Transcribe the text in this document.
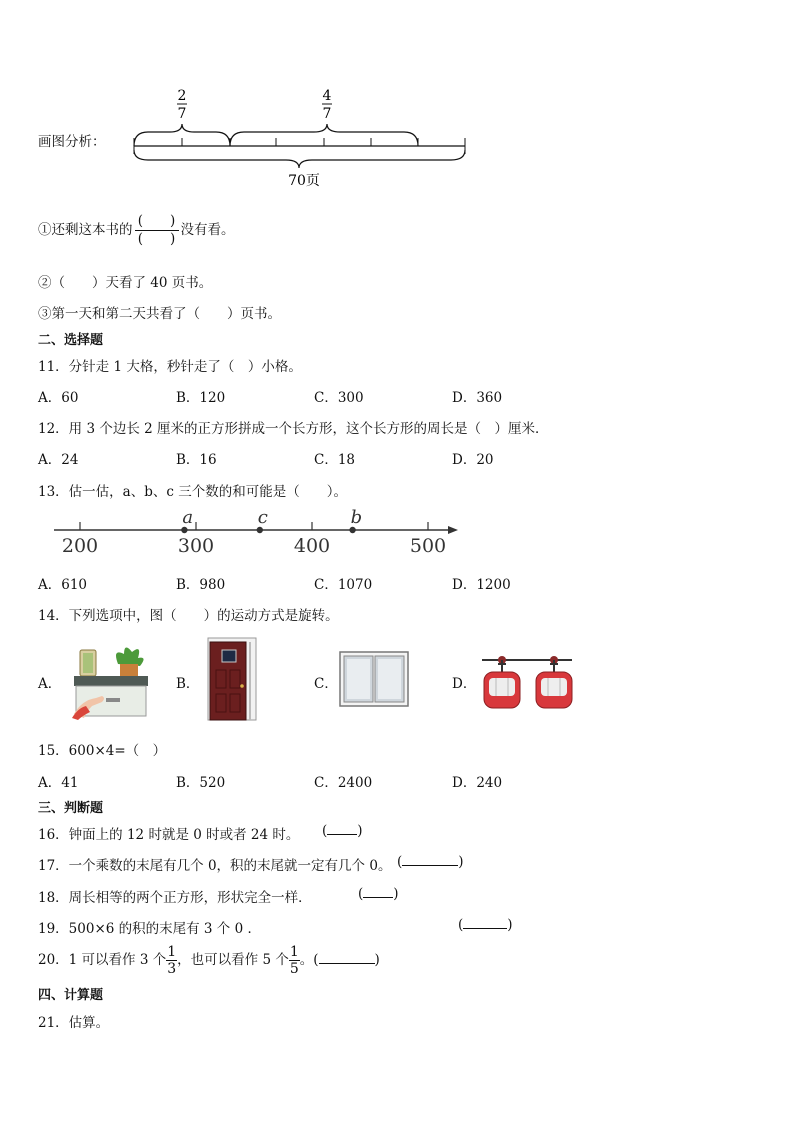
画图分析：
2
7
4
7
70页
①还剩这本书的
(   )
(   )
没有看。
②（　　）天看了 40 页书。
③第一天和第二天共看了（　　）页书。
二、选择题
11．分针走 1 大格，秒针走了（　）小格。
A．60	B．120	C．300	D．360
12．用 3 个边长 2 厘米的正方形拼成一个长方形，这个长方形的周长是（　）厘米．
A．24	B．16	C．18	D．20
13．估一估，a、b、c 三个数的和可能是（　　）。
200	300	400	500
a	c	b
A．610	B．980	C．1070	D．1200
14．下列选项中，图（　　）的运动方式是旋转。
A．	B．	C．	D．
15．600×4=（　）
A．41	B．520	C．2400	D．240
三、判断题
16．钟面上的 12 时就是 0 时或者 24 时。 ( )
17．一个乘数的末尾有几个 0，积的末尾就一定有几个 0。 (	)
18．周长相等的两个正方形，形状完全一样．	( )
19．500×6 的积的末尾有 3 个 0 ．	(	)
20．1 可以看作 3 个 $\frac{1}{3}$ ，也可以看作 5 个 $\frac{1}{5}$ 。(	)
四、计算题
21．估算。
